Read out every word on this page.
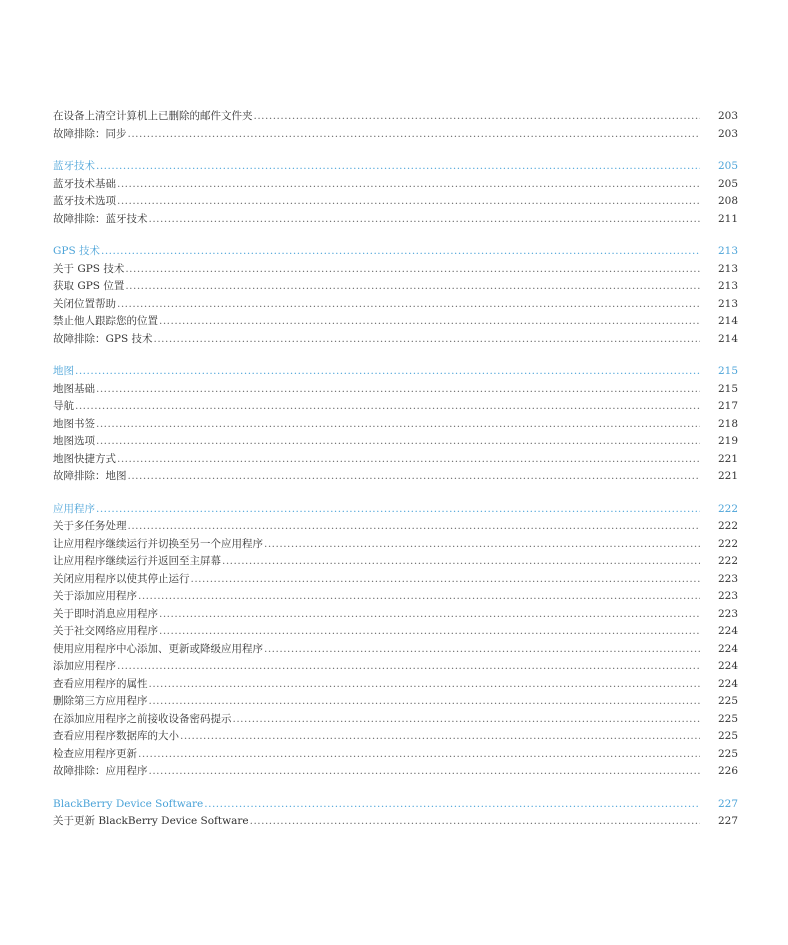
在设备上清空计算机上已删除的邮件文件夹 .....	203
故障排除：同步 .....	203
蓝牙技术 .....	205
蓝牙技术基础 .....	205
蓝牙技术选项 .....	208
故障排除：蓝牙技术 .....	211
GPS 技术 .....	213
关于 GPS 技术 .....	213
获取 GPS 位置 .....	213
关闭位置帮助 .....	213
禁止他人跟踪您的位置 .....	214
故障排除：GPS 技术 .....	214
地图 .....	215
地图基础 .....	215
导航 .....	217
地图书签 .....	218
地图选项 .....	219
地图快捷方式 .....	221
故障排除：地图 .....	221
应用程序 .....	222
关于多任务处理 .....	222
让应用程序继续运行并切换至另一个应用程序 .....	222
让应用程序继续运行并返回至主屏幕 .....	222
关闭应用程序以使其停止运行 .....	223
关于添加应用程序 .....	223
关于即时消息应用程序 .....	223
关于社交网络应用程序 .....	224
使用应用程序中心添加、更新或降级应用程序 .....	224
添加应用程序 .....	224
查看应用程序的属性 .....	224
删除第三方应用程序 .....	225
在添加应用程序之前接收设备密码提示 .....	225
查看应用程序数据库的大小 .....	225
检查应用程序更新 .....	225
故障排除：应用程序 .....	226
BlackBerry Device Software .....	227
关于更新 BlackBerry Device Software .....	227
